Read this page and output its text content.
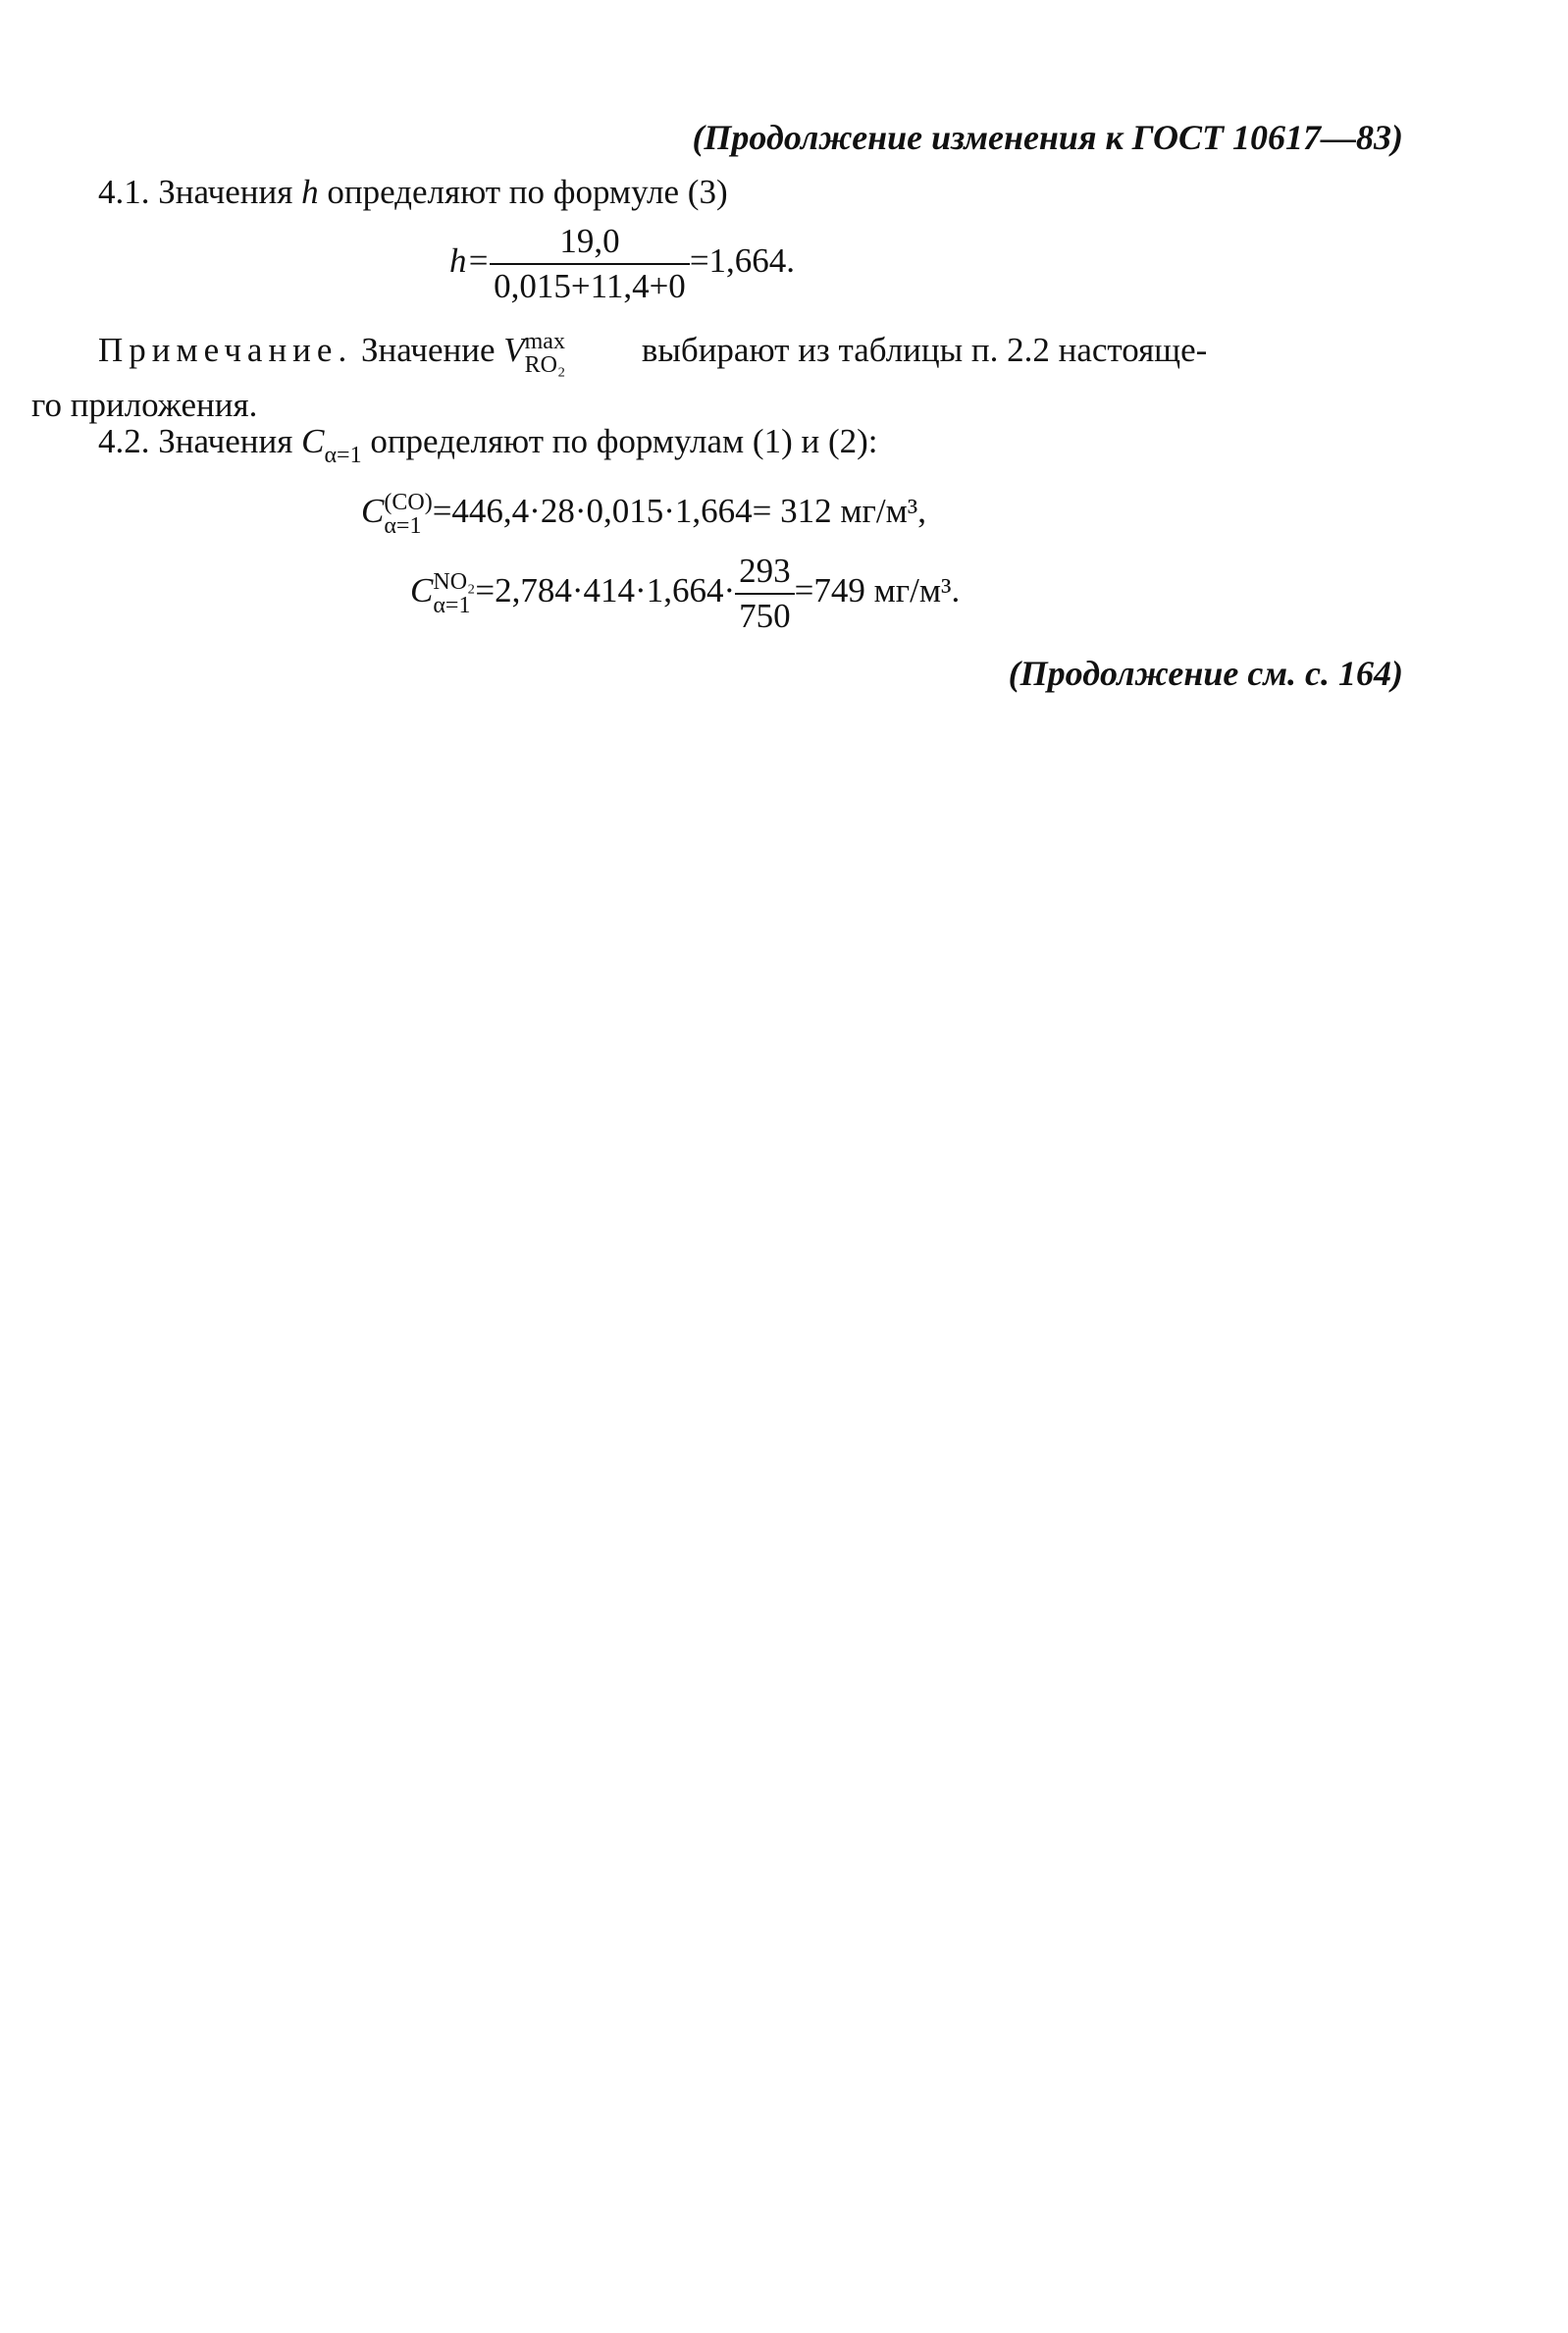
(Продолжение изменения к ГОСТ 10617—83)
4.1. Значения h определяют по формуле (3)
$h= \frac{19,0}{0,015+11,4+0} =1,664$.
Примечание. Значение V max
RO₂ выбирают из таблицы п. 2.2 настояще-
го приложения.
4.2. Значения $C_{\alpha=1}$ определяют по формулам (1) и (2):
C (CO)
α=1 =446,4·28·0,015·1,664= 312 мг/м³,
C NO₂
$\alpha=1 =2,784\cdot 414\cdot 1,664\cdot \frac{293}{750} =749$ мг/м³.
(Продолжение см. с. 164)
